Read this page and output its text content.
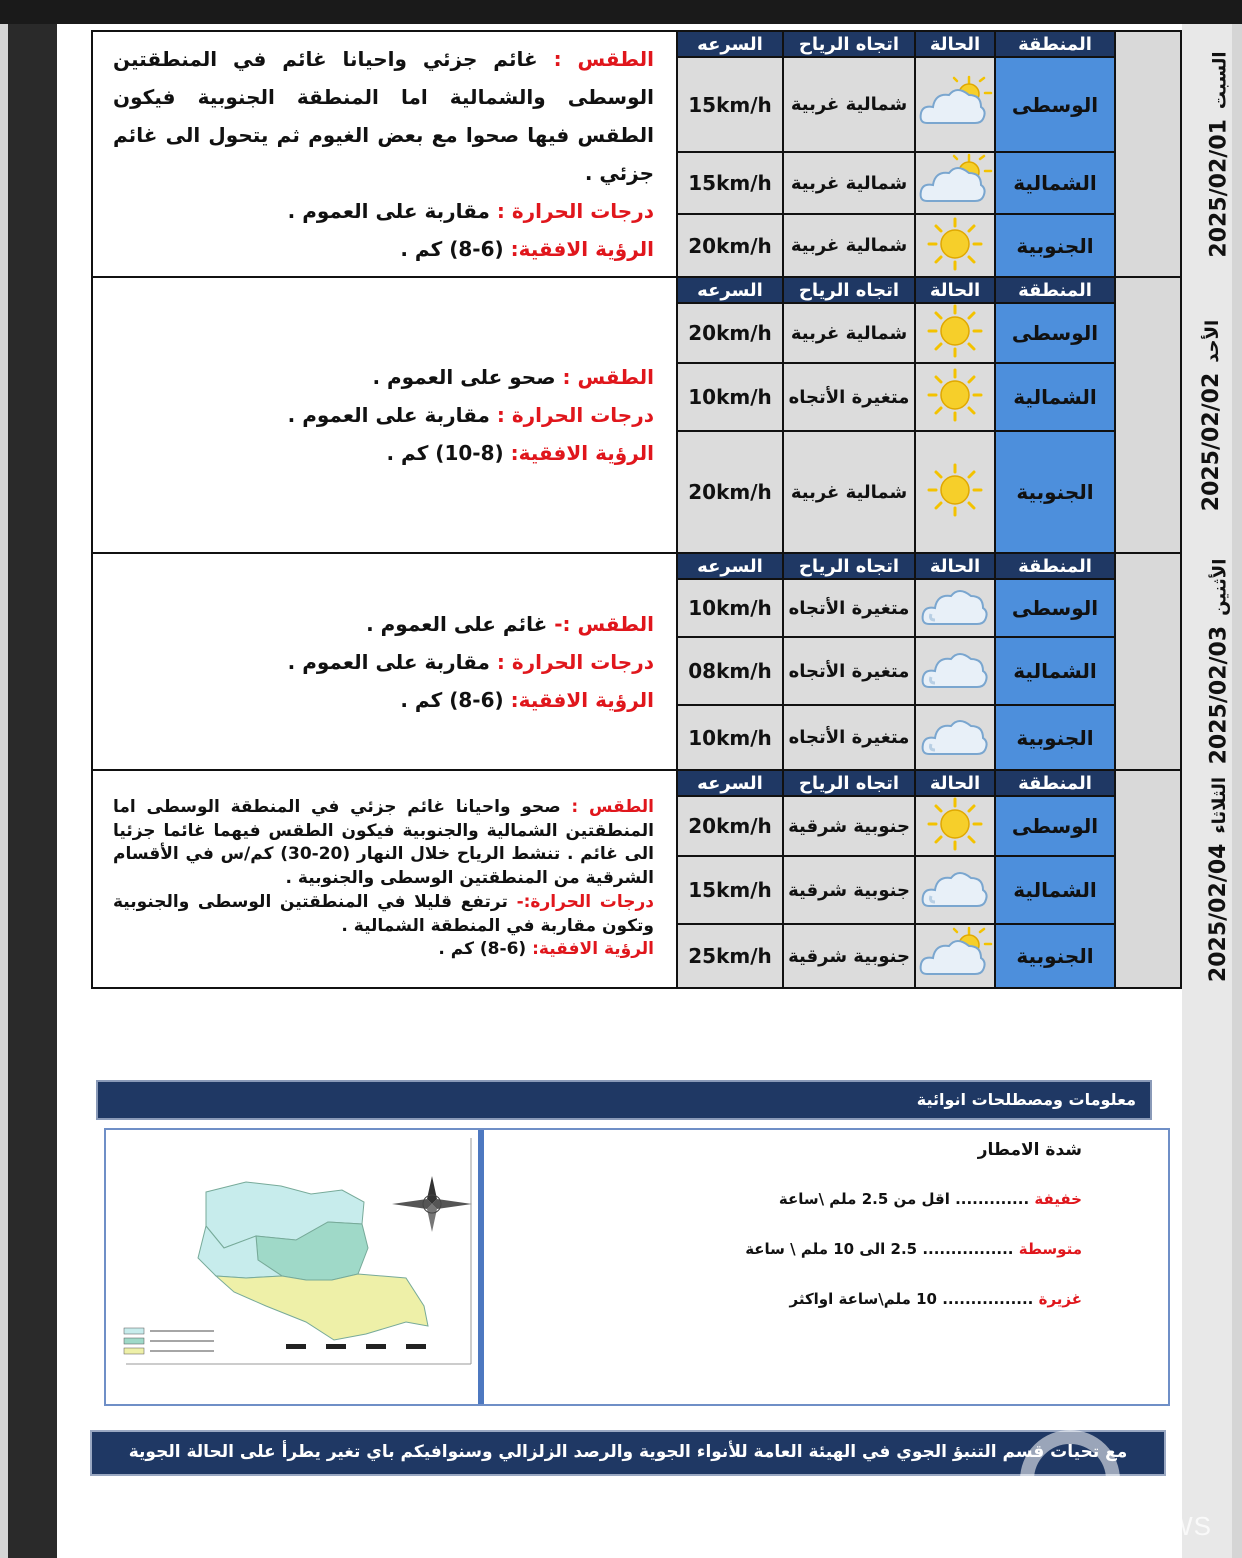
الطقس : غائم جزئي واحيانا غائم في المنطقتين الوسطى والشمالية اما المنطقة الجنوبية فيكون الطقس فيها صحوا مع بعض الغيوم ثم يتحول الى غائم جزئي .

درجات الحرارة : مقاربة على العموم .

الرؤية الافقية: (6-8) كم .	السرعه	اتجاه الرياح	الحالة	المنطقة	السبت2025/02/01
	15km/h	شمالية غربية		الوسطى	
	15km/h	شمالية غربية		الشمالية	
	20km/h	شمالية غربية		الجنوبية	

الطقس : صحو على العموم .

درجات الحرارة : مقاربة على العموم .

الرؤية الافقية: (8-10) كم .	السرعه	اتجاه الرياح	الحالة	المنطقة	الأحد2025/02/02
	20km/h	شمالية غربية		الوسطى	
	10km/h	متغيرة الأتجاه		الشمالية	
	20km/h	شمالية غربية		الجنوبية	

الطقس :- غائم على العموم .

درجات الحرارة : مقاربة على العموم .

الرؤية الافقية: (6-8) كم .	السرعه	اتجاه الرياح	الحالة	المنطقة	الأثنين2025/02/03
	10km/h	متغيرة الأتجاه		الوسطى	
	08km/h	متغيرة الأتجاه		الشمالية	
	10km/h	متغيرة الأتجاه		الجنوبية	

الطقس : صحو واحيانا غائم جزئي في المنطقة الوسطى اما المنطقتين الشمالية والجنوبية فيكون الطقس فيهما غائما جزئيا الى غائم . تنشط الرياح خلال النهار (20-30) كم/س في الأقسام الشرقية من المنطقتين الوسطى والجنوبية .

درجات الحرارة:- ترتفع قليلا في المنطقتين الوسطى والجنوبية وتكون مقاربة في المنطقة الشمالية .

الرؤية الافقية: (6-8) كم .	السرعه	اتجاه الرياح	الحالة	المنطقة	الثلاثاء2025/02/04
	20km/h	جنوبية شرقية		الوسطى	
	15km/h	جنوبية شرقية		الشمالية	
	25km/h	جنوبية شرقية		الجنوبية	
معلومات ومصطلحات انوائية
شدة الامطار
خفيفة ............. اقل من 2.5 ملم \ساعة
متوسطة ................ 2.5 الى 10 ملم \ ساعة
غزيرة ................ 10 ملم\ساعة اواكثر
مع تحيات قسم التنبؤ الجوي في الهيئة العامة للأنواء الجوية والرصد الزلزالي وسنوافيكم باي تغير يطرأ على الحالة الجوية
IQ NEWS
